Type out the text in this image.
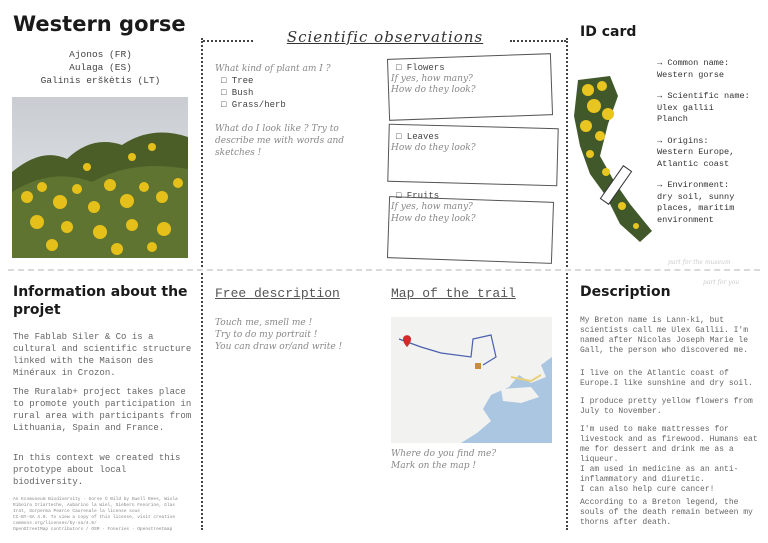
Western gorse
Ajonos (FR)
Aulaga (ES)
Galinis erškėtis (LT)
Scientific observations
What kind of plant am I ?
□ Tree
□ Bush
□ Grass/herb
What do I look like ? Try to describe me with words and sketches !
□ Flowers
If yes, how many?
How do they look?
□ Leaves
How do they look?
□ Fruits
If yes, how many?
How do they look?
ID card
→ Common name:
Western gorse
→ Scientific name:
Ulex gallii
Planch
→ Origins:
Western Europe,
Atlantic coast
→ Environment:
dry soil, sunny
places, maritim
environment
part for the museum
part for you
Information about the projet
The Fablab Siler & Co is a cultural and scientific structure linked with the Maison des Minéraux in Crozon.
The Ruralab+ project takes place to promote youth participation in rural area with participants from Lithuania, Spain and France.
In this context we created this prototype about local biodiversity.
An Ecomuseum Biodiversity · Gorse © Bild by Ewell Rees, Wiola
Ribeira Iriarteche, Aubarino la Wiel, Siebern Fenorine, Glas
Irat, Sorperma Pearce Caurenale la license sous
CC-BY-SA 4.0. To view a copy of this license, visit creative
commons.org/licenses/by-sa/4.0/
OpenStreetMap contributors / OSM · Foneries · Openstreetmap
Free description
Touch me, smell me !
Try to do my portrait !
You can draw or/and write !
Map of the trail
Where do you find me?
Mark on the map !
Description
My Breton name is Lann-ki, but scientists call me Ulex Gallii. I'm named after Nicolas Joseph Marie le Gall, the person who discovered me.
I live on the Atlantic coast of Europe.I like sunshine and dry soil.
I produce pretty yellow flowers from July to November.
I'm used to make mattresses for livestock and as firewood. Humans eat me for dessert and drink me as a liqueur.
I am used in medicine as an anti-inflammatory and diuretic.
I can also help cure cancer!
According to a Breton legend, the souls of the death remain between my thorns after death.
